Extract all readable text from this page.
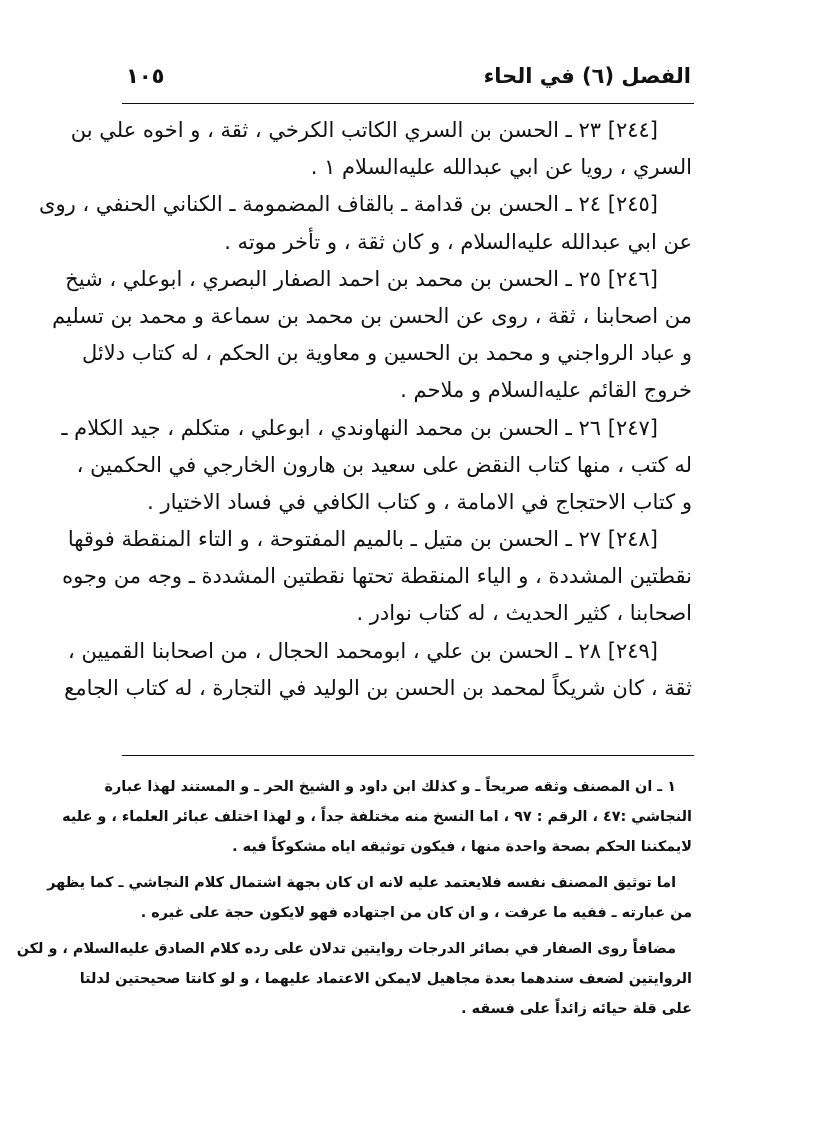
الفصل (٦) في الحاء
١٠٥
[٢٤٤] ٢٣ ـ الحسن بن السري الكاتب الكرخي ، ثقة ، و اخوه علي بن
السري ، رويا عن ابي عبدالله عليه‌السلام ١ .
[٢٤٥] ٢٤ ـ الحسن بن قدامة ـ بالقاف المضمومة ـ الكناني الحنفي ، روى
عن ابي عبدالله عليه‌السلام ، و كان ثقة ، و تأخر موته .
[٢٤٦] ٢٥ ـ الحسن بن محمد بن احمد الصفار البصري ، ابوعلي ، شيخ
من اصحابنا ، ثقة ، روى عن الحسن بن محمد بن سماعة و محمد بن تسليم
و عباد الرواجني و محمد بن الحسين و معاوية بن الحكم ، له كتاب دلائل
خروج القائم عليه‌السلام و ملاحم .
[٢٤٧] ٢٦ ـ الحسن بن محمد النهاوندي ، ابوعلي ، متكلم ، جيد الكلام ـ
له كتب ، منها كتاب النقض على سعيد بن هارون الخارجي في الحكمين ،
و كتاب الاحتجاج في الامامة ، و كتاب الكافي في فساد الاختيار .
[٢٤٨] ٢٧ ـ الحسن بن متيل ـ بالميم المفتوحة ، و التاء المنقطة فوقها
نقطتين المشددة ، و الياء المنقطة تحتها نقطتين المشددة ـ وجه من وجوه
اصحابنا ، كثير الحديث ، له كتاب نوادر .
[٢٤٩] ٢٨ ـ الحسن بن علي ، ابومحمد الحجال ، من اصحابنا القميين ،
ثقة ، كان شريكاً لمحمد بن الحسن بن الوليد في التجارة ، له كتاب الجامع
١ ـ ان المصنف وثقه صريحاً ـ و كذلك ابن داود و الشيخ الحر ـ و المستند لهذا عبارة
النجاشي :٤٧ ، الرقم : ٩٧ ، اما النسخ منه مختلفة جداً ، و لهذا اختلف عبائر العلماء ، و عليه
لايمكننا الحكم بصحة واحدة منها ، فيكون توثيقه اياه مشكوكاً فيه .
اما توثيق المصنف نفسه فلايعتمد عليه لانه ان كان بجهة اشتمال كلام النجاشي ـ كما يظهر
من عبارته ـ ففيه ما عرفت ، و ان كان من اجتهاده فهو لايكون حجة على غيره .
مضافاً روى الصفار في بصائر الدرجات روايتين تدلان على رده كلام الصادق عليه‌السلام ، و لكن
الروايتين لضعف سندهما بعدة مجاهيل لايمكن الاعتماد عليهما ، و لو كانتا صحيحتين لدلتا
على قلة حيائه زائداً على فسقه .
